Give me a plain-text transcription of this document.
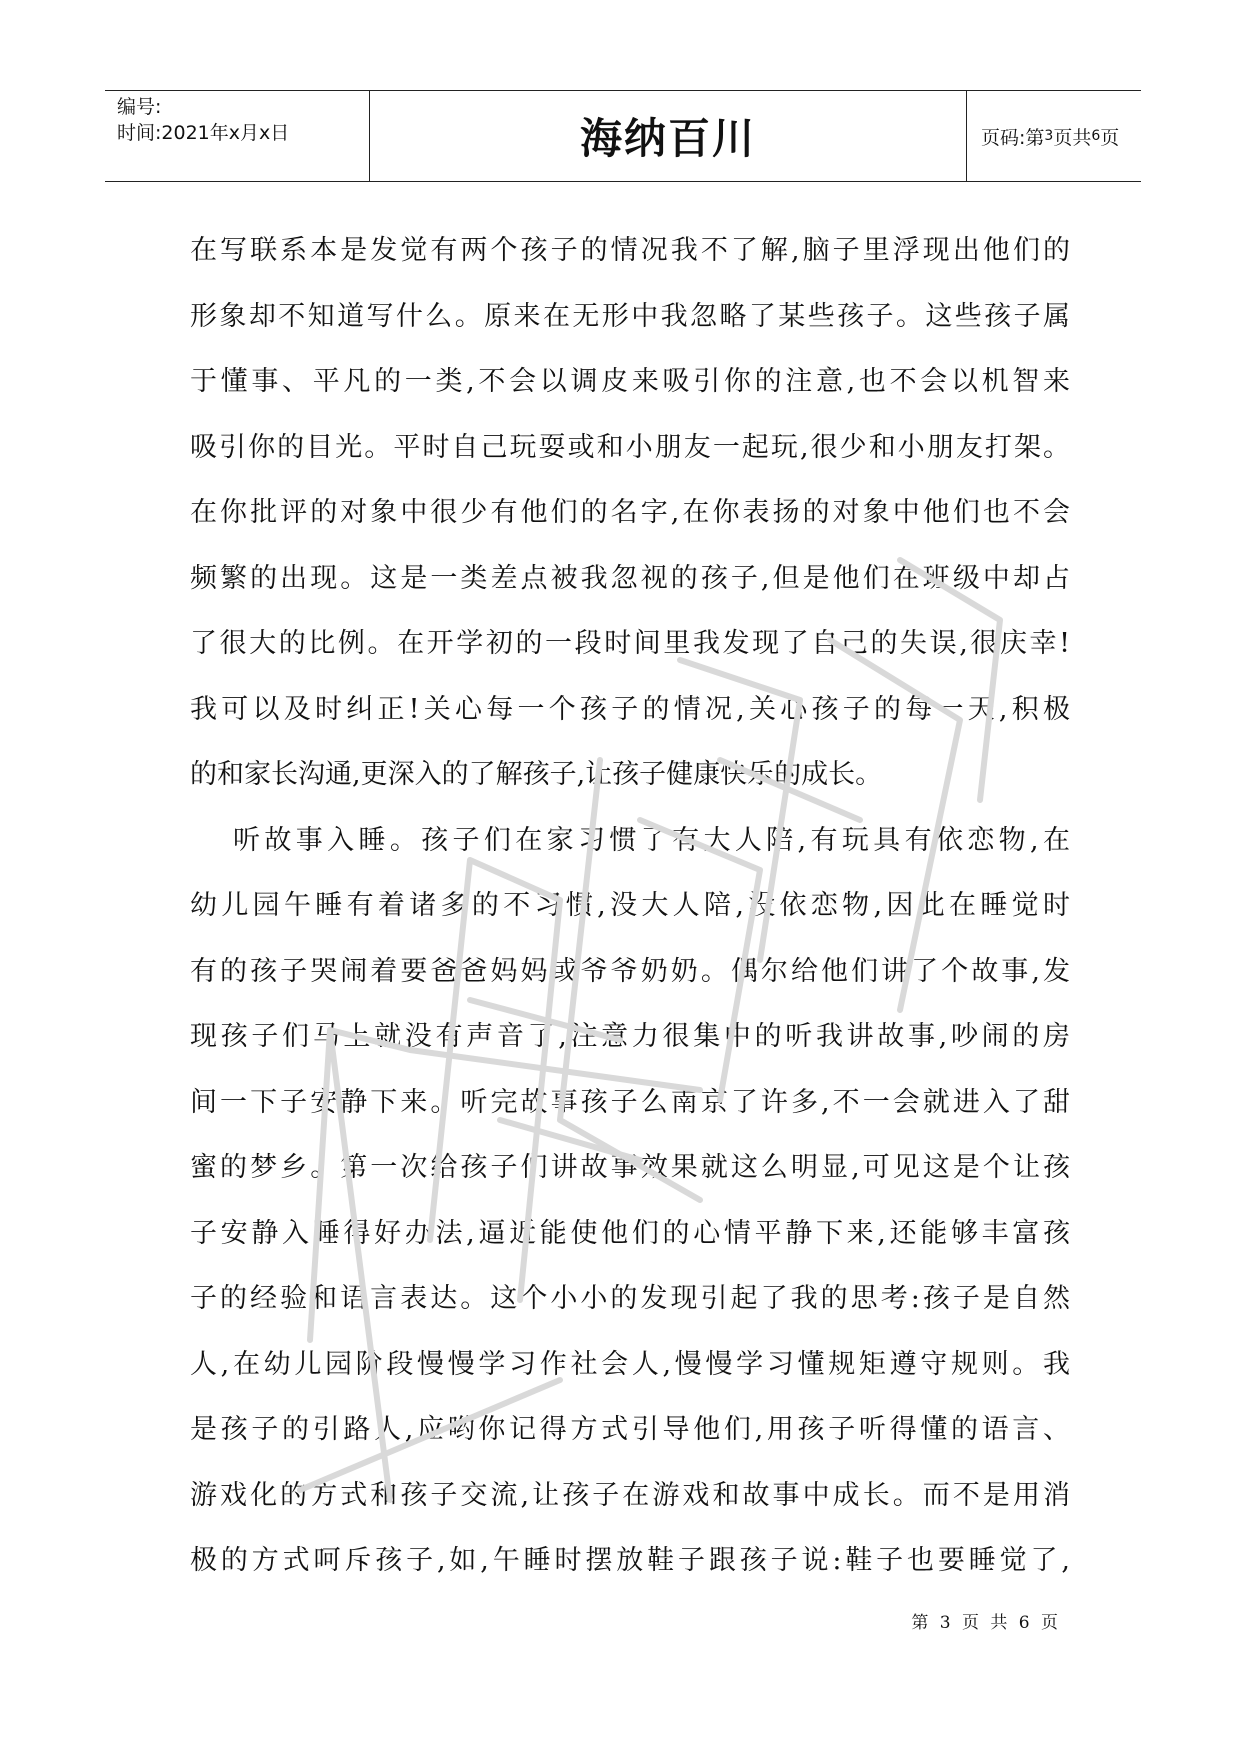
编号:
时间:2021年x月x日	海纳百川	页码:第 3 页共 6 页
在写联系本是发觉有两个孩子的情况我不了解,脑子里浮现出他们的
形象却不知道写什么。原来在无形中我忽略了某些孩子。这些孩子属
于懂事、平凡的一类,不会以调皮来吸引你的注意,也不会以机智来
吸引你的目光。平时自己玩耍或和小朋友一起玩,很少和小朋友打架。
在你批评的对象中很少有他们的名字,在你表扬的对象中他们也不会
频繁的出现。这是一类差点被我忽视的孩子,但是他们在班级中却占
了很大的比例。在开学初的一段时间里我发现了自己的失误,很庆幸!
我可以及时纠正!关心每一个孩子的情况,关心孩子的每一天,积极
的和家长沟通,更深入的了解孩子,让孩子健康快乐的成长。
听故事入睡。孩子们在家习惯了有大人陪,有玩具有依恋物,在
幼儿园午睡有着诸多的不习惯,没大人陪,没依恋物,因此在睡觉时
有的孩子哭闹着要爸爸妈妈或爷爷奶奶。偶尔给他们讲了个故事,发
现孩子们马上就没有声音了,注意力很集中的听我讲故事,吵闹的房
间一下子安静下来。听完故事孩子么南京了许多,不一会就进入了甜
蜜的梦乡。第一次给孩子们讲故事效果就这么明显,可见这是个让孩
子安静入睡得好办法,逼近能使他们的心情平静下来,还能够丰富孩
子的经验和语言表达。这个小小的发现引起了我的思考:孩子是自然
人,在幼儿园阶段慢慢学习作社会人,慢慢学习懂规矩遵守规则。我
是孩子的引路人,应哟你记得方式引导他们,用孩子听得懂的语言、
游戏化的方式和孩子交流,让孩子在游戏和故事中成长。而不是用消
极的方式呵斥孩子,如,午睡时摆放鞋子跟孩子说:鞋子也要睡觉了,
严禁复制
第 3 页 共 6 页
